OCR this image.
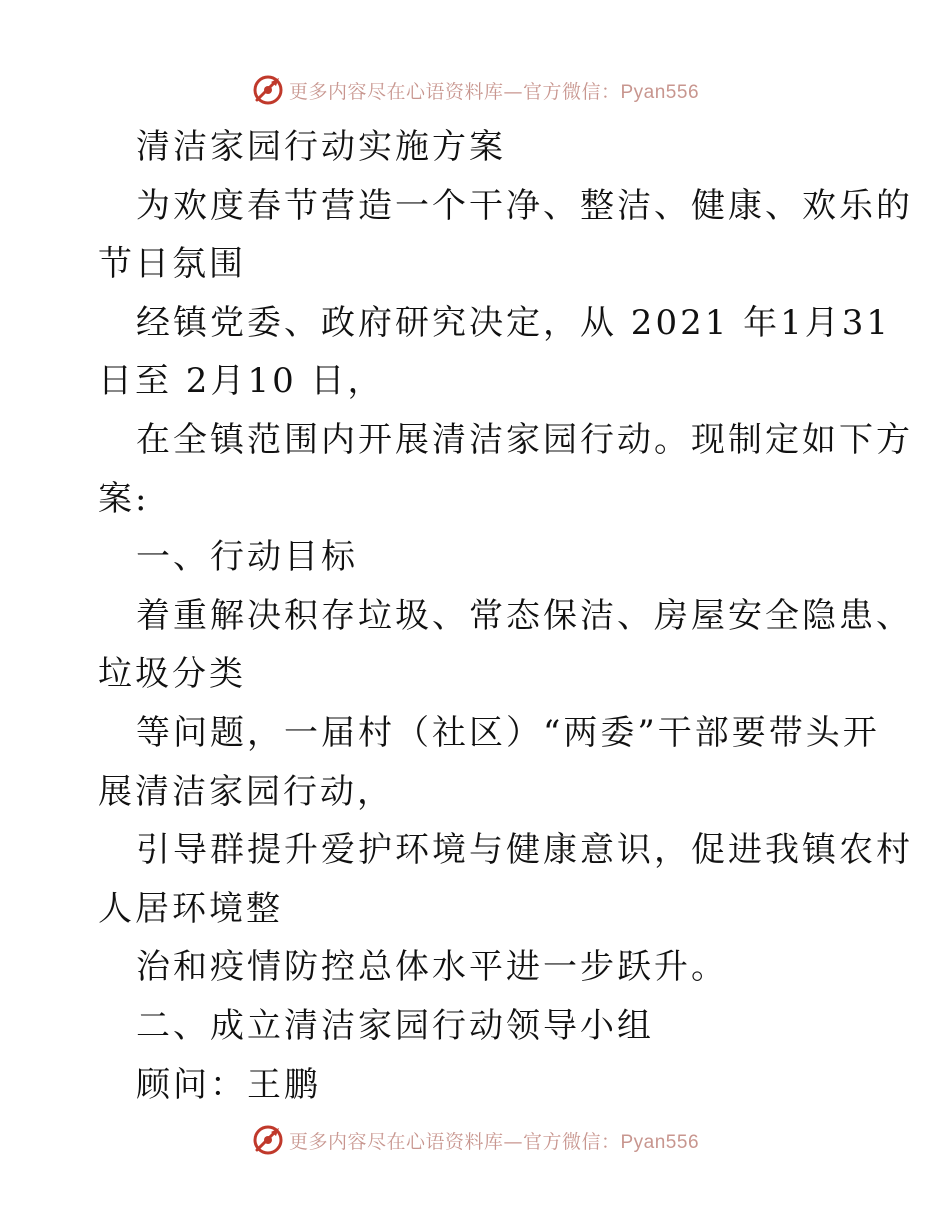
更多内容尽在心语资料库—官方微信：Pyan556
清洁家园行动实施方案
为欢度春节营造一个干净、整洁、健康、欢乐的
节日氛围
经镇党委、政府研究决定，从 2021 年1月31
日至 2月10 日，
在全镇范围内开展清洁家园行动。现制定如下方
案:
一、行动目标
着重解决积存垃圾、常态保洁、房屋安全隐患、
垃圾分类
等问题，一届村（社区）“两委”干部要带头开
展清洁家园行动，
引导群提升爱护环境与健康意识，促进我镇农村
人居环境整
治和疫情防控总体水平进一步跃升。
二、成立清洁家园行动领导小组
顾问：王鹏
更多内容尽在心语资料库—官方微信：Pyan556
